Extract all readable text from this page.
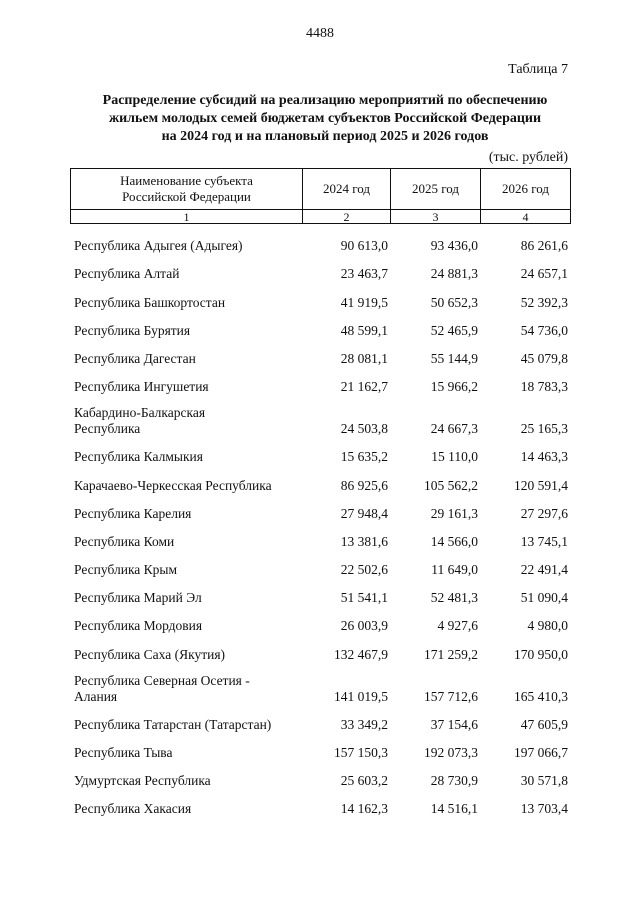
4488
Таблица 7
Распределение субсидий на реализацию мероприятий по обеспечению
жильем молодых семей бюджетам субъектов Российской Федерации
на 2024 год и на плановый период 2025 и 2026 годов
(тыс. рублей)
Наименование субъекта
Российской Федерации	2024 год	2025 год	2026 год
1	2	3	4
Республика Адыгея (Адыгея)	90 613,0	93 436,0	86 261,6

Республика Алтай	23 463,7	24 881,3	24 657,1

Республика Башкортостан	41 919,5	50 652,3	52 392,3

Республика Бурятия	48 599,1	52 465,9	54 736,0

Республика Дагестан	28 081,1	55 144,9	45 079,8

Республика Ингушетия	21 162,7	15 966,2	18 783,3

Кабардино-Балкарская
Республика	24 503,8	24 667,3	25 165,3

Республика Калмыкия	15 635,2	15 110,0	14 463,3

Карачаево-Черкесская Республика	86 925,6	105 562,2	120 591,4

Республика Карелия	27 948,4	29 161,3	27 297,6

Республика Коми	13 381,6	14 566,0	13 745,1

Республика Крым	22 502,6	11 649,0	22 491,4

Республика Марий Эл	51 541,1	52 481,3	51 090,4

Республика Мордовия	26 003,9	4 927,6	4 980,0

Республика Саха (Якутия)	132 467,9	171 259,2	170 950,0

Республика Северная Осетия -
Алания	141 019,5	157 712,6	165 410,3

Республика Татарстан (Татарстан)	33 349,2	37 154,6	47 605,9

Республика Тыва	157 150,3	192 073,3	197 066,7

Удмуртская Республика	25 603,2	28 730,9	30 571,8

Республика Хакасия	14 162,3	14 516,1	13 703,4
